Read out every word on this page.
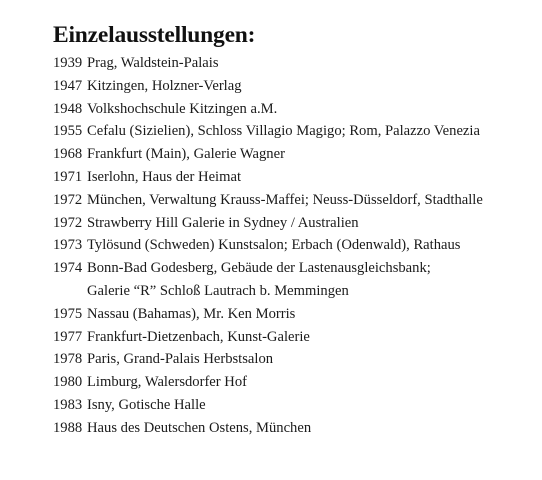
Einzelausstellungen:
1939 Prag, Waldstein-Palais
1947 Kitzingen, Holzner-Verlag
1948 Volkshochschule Kitzingen a.M.
1955 Cefalu (Sizielien), Schloss Villagio Magigo; Rom, Palazzo Venezia
1968 Frankfurt (Main), Galerie Wagner
1971 Iserlohn, Haus der Heimat
1972 München, Verwaltung Krauss-Maffei; Neuss-Düsseldorf, Stadthalle
1972 Strawberry Hill Galerie in Sydney / Australien
1973 Tylösund (Schweden) Kunstsalon; Erbach (Odenwald), Rathaus
1974 Bonn-Bad Godesberg, Gebäude der Lastenausgleichsbank;
Galerie “R” Schloß Lautrach b. Memmingen
1975 Nassau (Bahamas), Mr. Ken Morris
1977 Frankfurt-Dietzenbach, Kunst-Galerie
1978 Paris, Grand-Palais Herbstsalon
1980 Limburg, Walersdorfer Hof
1983 Isny, Gotische Halle
1988 Haus des Deutschen Ostens, München
